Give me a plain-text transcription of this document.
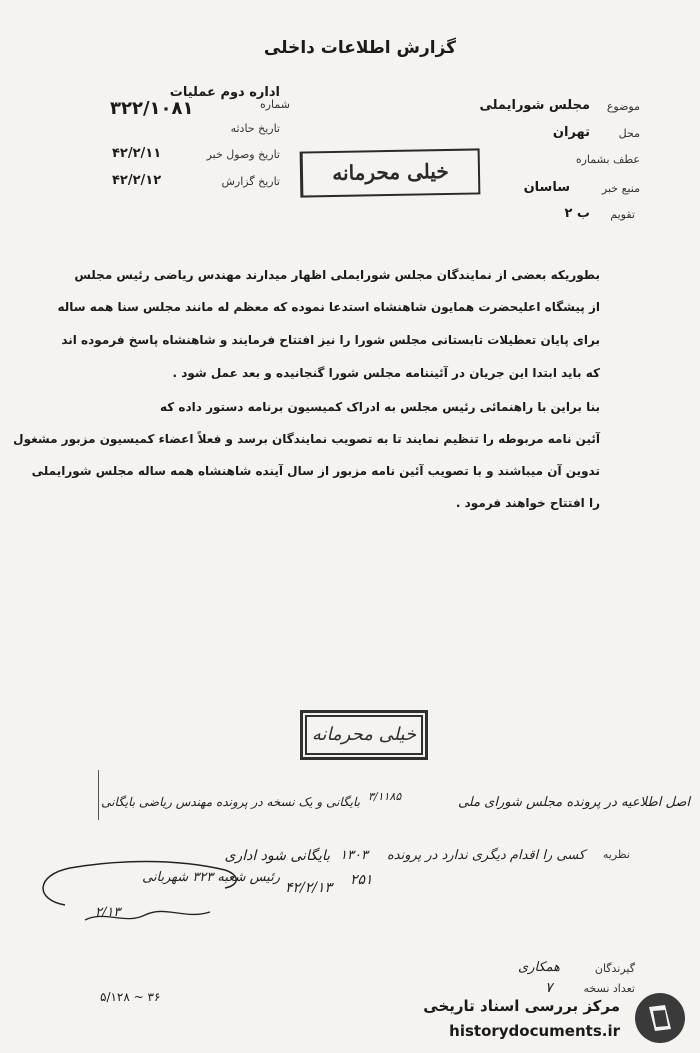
گزارش اطلاعات داخلی
اداره دوم عملیات
شماره
۳۲۲/۱۰۸۱
تاریخ حادثه
تاریخ وصول خبر
۴۲/۲/۱۱
تاریخ گزارش
۴۲/۲/۱۲
موضوع
مجلس شورایملی
محل
تهران
عطف بشماره
منبع خبر
ساسان
تقویم
ب ۲
خیلی محرمانه
بطوریکه بعضی از نمایندگان مجلس شورایملی اظهار میدارند مهندس ریاضی رئیس مجلس
از پیشگاه اعلیحضرت همایون شاهنشاه استدعا نموده که معظم له مانند مجلس سنا همه ساله
برای پایان تعطیلات تابستانی مجلس شورا را نیز افتتاح فرمایند و شاهنشاه پاسخ فرموده اند
که باید ابتدا این جریان در آئیننامه مجلس شورا گنجانیده و بعد عمل شود .
بنا براین با راهنمائی رئیس مجلس به ادراک کمیسیون برنامه دستور داده که
آئین نامه مربوطه را تنظیم نمایند تا به تصویب نمایندگان برسد و فعلاً اعضاء کمیسیون مزبور مشغول
تدوین آن میباشند و با تصویب آئین نامه مزبور از سال آینده شاهنشاه همه ساله مجلس شورایملی
را افتتاح خواهند فرمود .
خیلی محرمانه
اصل اطلاعیه در پرونده مجلس شورای ملی
۳/۱۱۸۵
بایگانی و یک نسخه در پرونده مهندس ریاضی بایگانی
نظریه
کسی را اقدام دیگری ندارد در پرونده
۱۳۰۳
بایگانی شود اداری
۲۵۱
۴۲/۲/۱۳
رئیس شعبه ۳۲۳ شهربانی
۲/۱۳
گیرندگان
همکاری
تعداد نسخه
۷
۵/۱۲۸ ~ ۳۶	مرکز بررسی اسناد تاریخی
historydocuments.ir
